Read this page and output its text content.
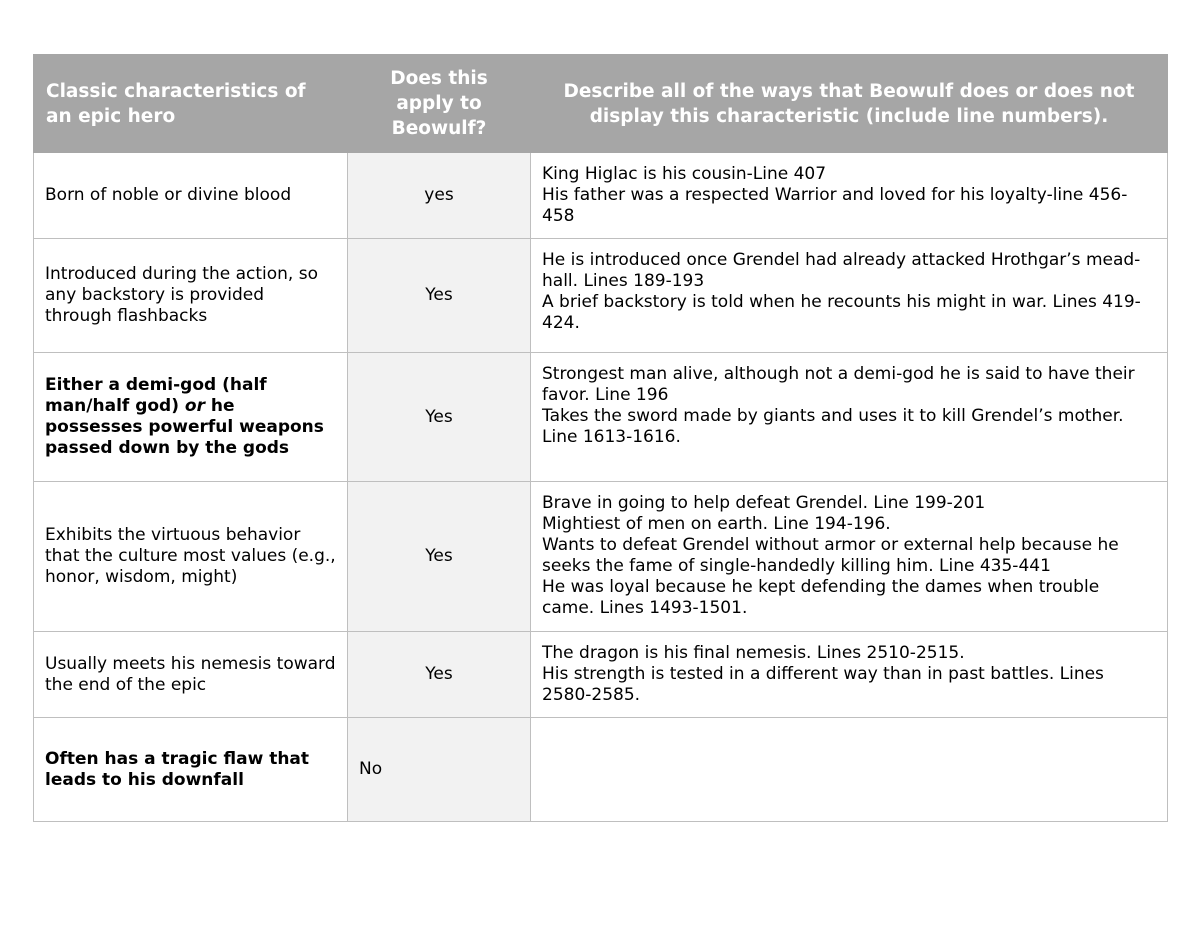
Classic characteristics of an epic hero	Does this apply to Beowulf?	Describe all of the ways that Beowulf does or does not display this characteristic (include line numbers).
Born of noble or divine blood	yes	King Higlac is his cousin-Line 407
His father was a respected Warrior and loved for his loyalty-line 456-458

Introduced during the action, so any backstory is provided through flashbacks	Yes	He is introduced once Grendel had already attacked Hrothgar’s mead-hall. Lines 189-193
A brief backstory is told when he recounts his might in war. Lines 419-424.

Either a demi-god (half man/half god) or he possesses powerful weapons passed down by the gods	Yes	Strongest man alive, although not a demi-god he is said to have their favor. Line 196
Takes the sword made by giants and uses it to kill Grendel’s mother. Line 1613-1616.

Exhibits the virtuous behavior that the culture most values (e.g., honor, wisdom, might)	Yes	Brave in going to help defeat Grendel. Line 199-201
Mightiest of men on earth. Line 194-196.
Wants to defeat Grendel without armor or external help because he seeks the fame of single-handedly killing him. Line 435-441
He was loyal because he kept defending the dames when trouble came. Lines 1493-1501.

Usually meets his nemesis toward the end of the epic	Yes	The dragon is his final nemesis. Lines 2510-2515.
His strength is tested in a different way than in past battles. Lines 2580-2585.

Often has a tragic flaw that leads to his downfall	No	
